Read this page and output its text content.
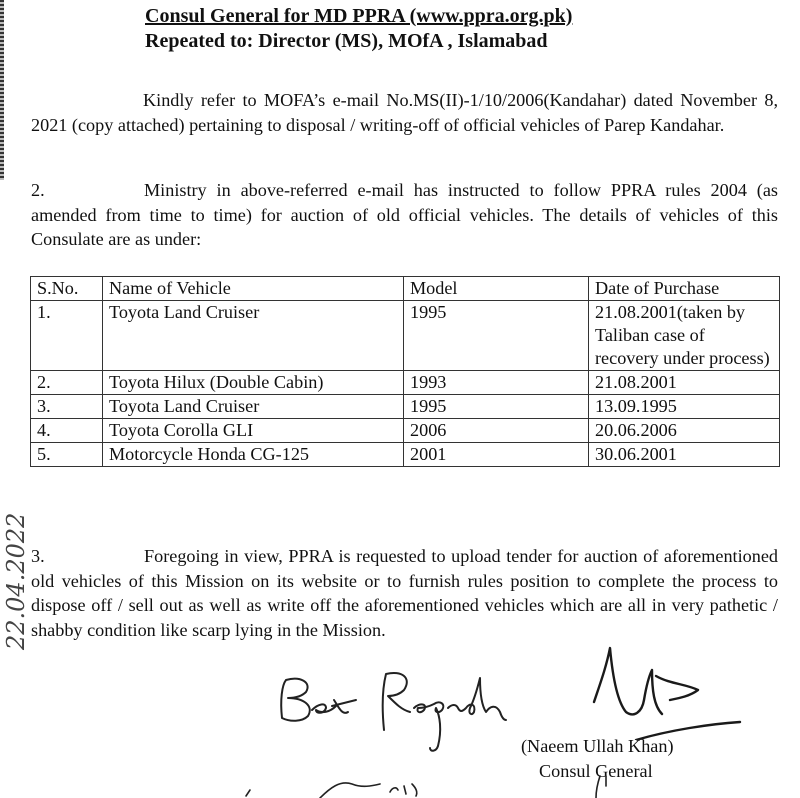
Consul General for MD PPRA (www.ppra.org.pk)
Repeated to: Director (MS), MOfA , Islamabad
Kindly refer to MOFA’s e-mail No.MS(II)-1/10/2006(Kandahar) dated November 8, 2021 (copy attached) pertaining to disposal / writing-off of official vehicles of Parep Kandahar.
2.	Ministry in above-referred e-mail has instructed to follow PPRA rules 2004 (as amended from time to time) for auction of old official vehicles. The details of vehicles of this Consulate are as under:
S.No.	Name of Vehicle	Model	Date of Purchase
1.	Toyota Land Cruiser	1995	21.08.2001(taken by Taliban case of recovery under process)
2.	Toyota Hilux (Double Cabin)	1993	21.08.2001
3.	Toyota Land Cruiser	1995	13.09.1995
4.	Toyota Corolla GLI	2006	20.06.2006
5.	Motorcycle Honda CG-125	2001	30.06.2001
3.	Foregoing in view, PPRA is requested to upload tender for auction of aforementioned old vehicles of this Mission on its website or to furnish rules position to complete the process to dispose off / sell out as well as write off the aforementioned vehicles which are all in very pathetic / shabby condition like scarp lying in the Mission.
(Naeem Ullah Khan)
Consul General
22.04.2022
